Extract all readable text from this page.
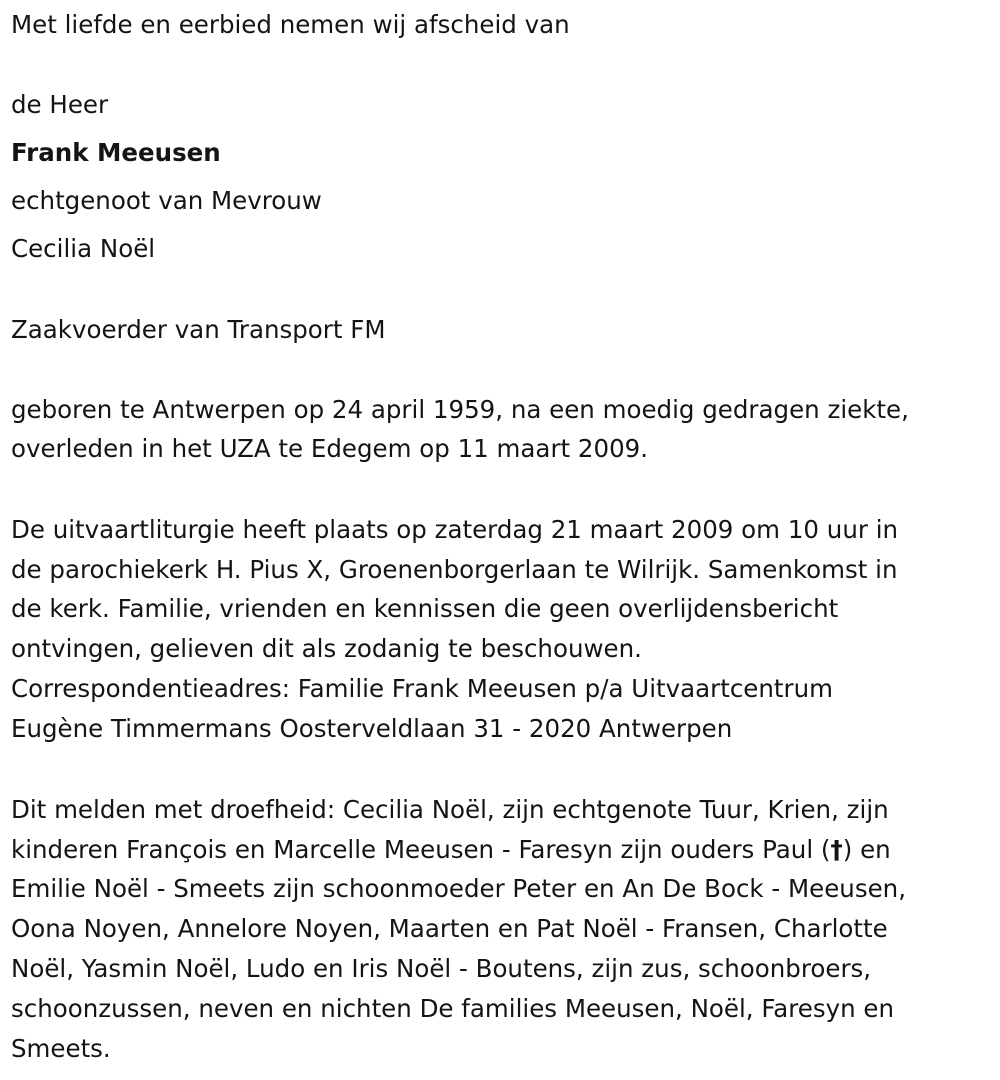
Met liefde en eerbied nemen wij afscheid van
de Heer
Frank Meeusen
echtgenoot van Mevrouw
Cecilia Noël
Zaakvoerder van Transport FM
geboren te Antwerpen op 24 april 1959, na een moedig gedragen ziekte,
overleden in het UZA te Edegem op 11 maart 2009.
De uitvaartliturgie heeft plaats op zaterdag 21 maart 2009 om 10 uur in
de parochiekerk H. Pius X, Groenenborgerlaan te Wilrijk. Samenkomst in
de kerk. Familie, vrienden en kennissen die geen overlijdensbericht
ontvingen, gelieven dit als zodanig te beschouwen.
Correspondentieadres: Familie Frank Meeusen p/a Uitvaartcentrum
Eugène Timmermans Oosterveldlaan 31 - 2020 Antwerpen
Dit melden met droefheid: Cecilia Noël, zijn echtgenote Tuur, Krien, zijn
kinderen François en Marcelle Meeusen - Faresyn zijn ouders Paul (†) en
Emilie Noël - Smeets zijn schoonmoeder Peter en An De Bock - Meeusen,
Oona Noyen, Annelore Noyen, Maarten en Pat Noël - Fransen, Charlotte
Noël, Yasmin Noël, Ludo en Iris Noël - Boutens, zijn zus, schoonbroers,
schoonzussen, neven en nichten De families Meeusen, Noël, Faresyn en
Smeets.
